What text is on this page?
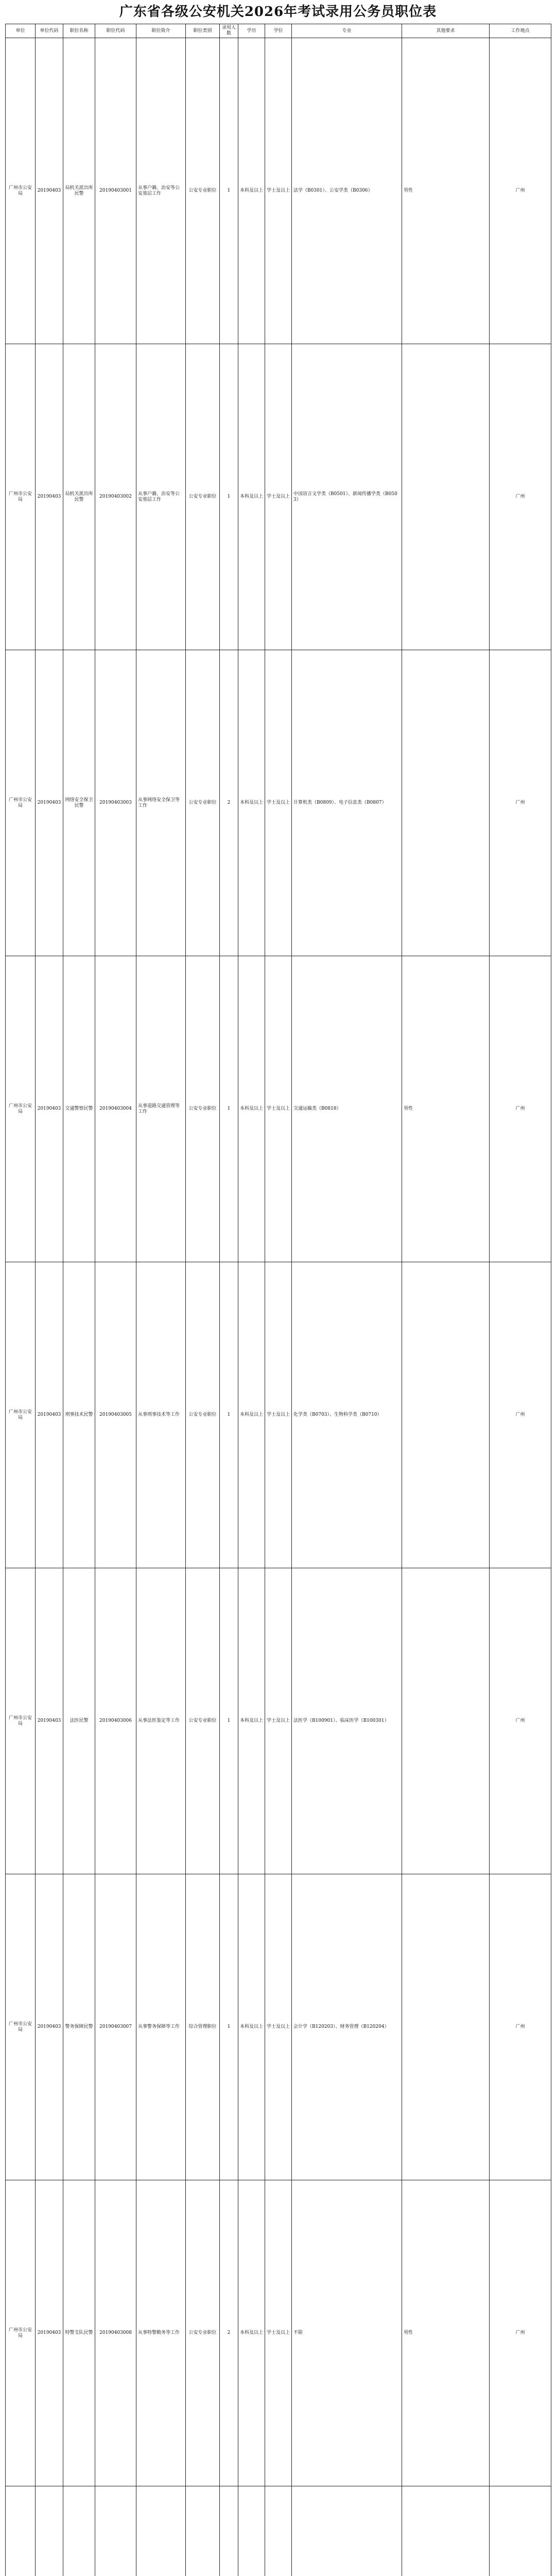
广东省各级公安机关2026年考试录用公务员职位表
单位	单位代码	职位名称	职位代码	职位简介	职位类别	录用人数	学历	学位	专业	其他要求	工作地点
广州市公安局	20190403	局机关派出所民警	20190403001	从事户籍、治安等公安基层工作	公安专业职位	1	本科及以上	学士及以上	法学（B0301）、公安学类（B0306）	男性	广州
广州市公安局	20190403	局机关派出所民警	20190403002	从事户籍、治安等公安基层工作	公安专业职位	1	本科及以上	学士及以上	中国语言文学类（B0501）、新闻传播学类（B0503）		广州
广州市公安局	20190403	网络安全保卫民警	20190403003	从事网络安全保卫等工作	公安专业职位	2	本科及以上	学士及以上	计算机类（B0809）、电子信息类（B0807）		广州
广州市公安局	20190403	交通警察民警	20190403004	从事道路交通管理等工作	公安专业职位	1	本科及以上	学士及以上	交通运输类（B0818）	男性	广州
广州市公安局	20190403	刑事技术民警	20190403005	从事刑事技术等工作	公安专业职位	1	本科及以上	学士及以上	化学类（B0703）、生物科学类（B0710）		广州
广州市公安局	20190403	法医民警	20190403006	从事法医鉴定等工作	公安专业职位	1	本科及以上	学士及以上	法医学（B100901）、临床医学（B100301）		广州
广州市公安局	20190403	警务保障民警	20190403007	从事警务保障等工作	综合管理职位	1	本科及以上	学士及以上	会计学（B120203）、财务管理（B120204）		广州
广州市公安局	20190403	特警支队民警	20190403008	从事特警勤务等工作	公安专业职位	2	本科及以上	学士及以上	不限	男性	广州
